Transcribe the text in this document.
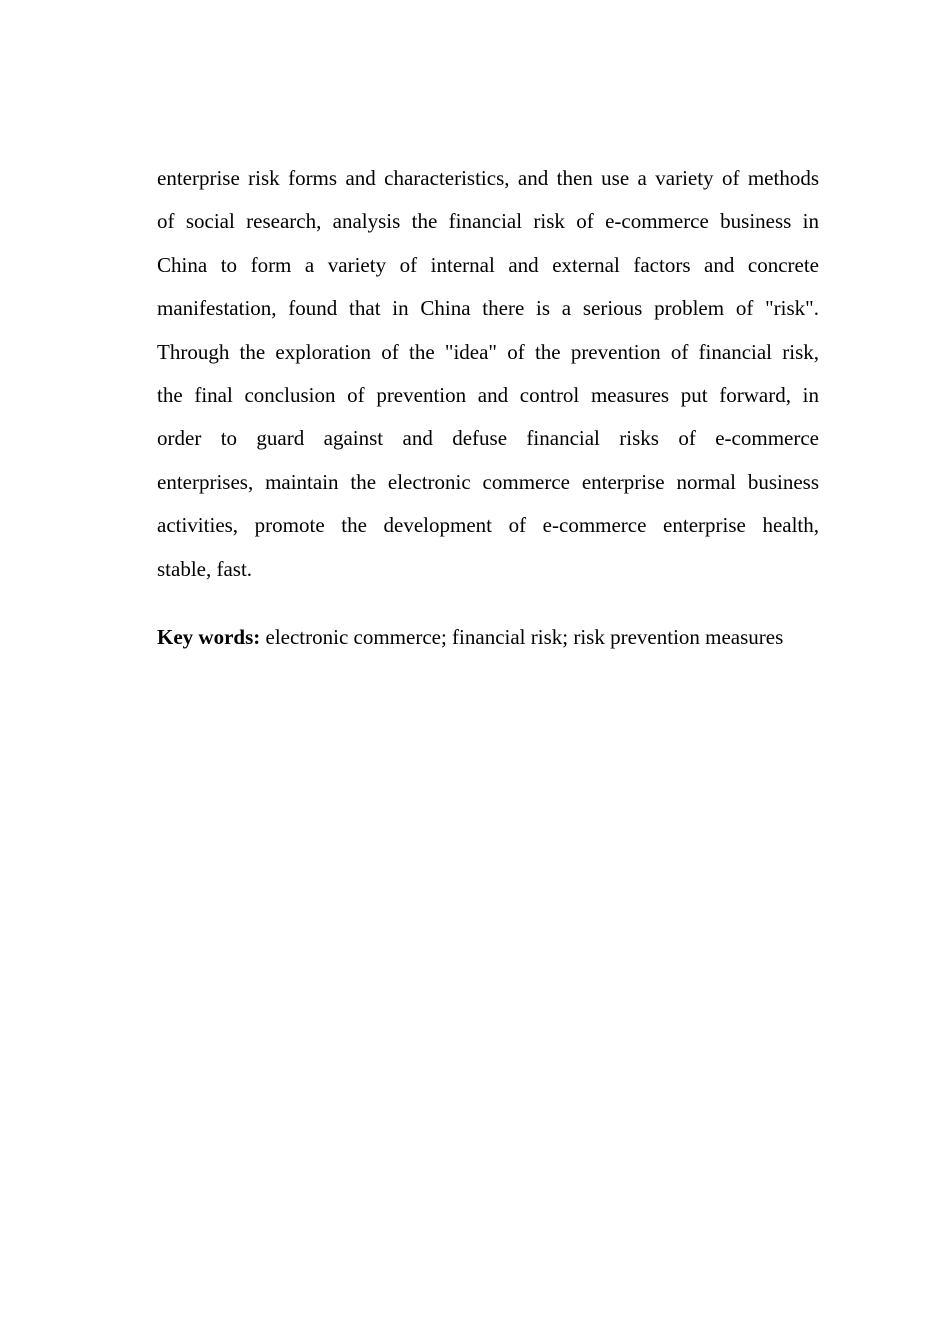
enterprise risk forms and characteristics, and then use a variety of methods
of social research, analysis the financial risk of e-commerce business in
China to form a variety of internal and external factors and concrete
manifestation, found that in China there is a serious problem of "risk".
Through the exploration of the "idea" of the prevention of financial risk,
the final conclusion of prevention and control measures put forward, in
order to guard against and defuse financial risks of e-commerce
enterprises, maintain the electronic commerce enterprise normal business
activities, promote the development of e-commerce enterprise health,
stable, fast.
Key words: electronic commerce; financial risk; risk prevention measures
